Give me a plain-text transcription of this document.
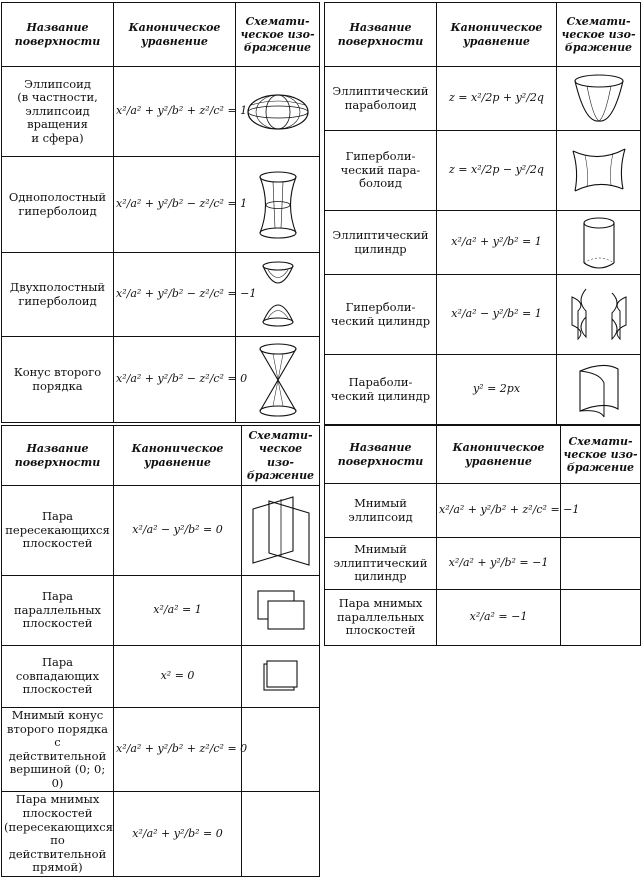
Название
поверхности	Каноническое
уравнение	Схемати-
ческое изо-
бражение
Эллипсоид
(в частности,
эллипсоид
вращения
и сфера)	x²/a² + y²/b² + z²/c² = 1	

Однополостный
гиперболоид	x²/a² + y²/b² − z²/c² = 1	

Двухполостный
гиперболоид	x²/a² + y²/b² − z²/c² = −1	

Конус второго
порядка	x²/a² + y²/b² − z²/c² = 0	
Название
поверхности	Каноническое
уравнение	Схемати-
ческое изо-
бражение
Эллиптический
параболоид	z = x²/2p + y²/2q	

Гиперболи-
ческий пара-
болоид	z = x²/2p − y²/2q	

Эллиптический
цилиндр	x²/a² + y²/b² = 1	

Гиперболи-
ческий цилиндр	x²/a² − y²/b² = 1	

Параболи-
ческий цилиндр	y² = 2px	
Название
поверхности	Каноническое
уравнение	Схемати-
ческое изо-
бражение
Пара
пересекающихся
плоскостей	x²/a² − y²/b² = 0	

Пара
параллельных
плоскостей	x²/a² = 1	

Пара
совпадающих
плоскостей	x² = 0	

Мнимый конус
второго порядка
с действительной
вершиной (0; 0; 0)	x²/a² + y²/b² + z²/c² = 0	
Пара мнимых
плоскостей
(пересекающихся
по действительной
прямой)	x²/a² + y²/b² = 0	
Название
поверхности	Каноническое
уравнение	Схемати-
ческое изо-
бражение
Мнимый
эллипсоид	x²/a² + y²/b² + z²/c² = −1	
Мнимый
эллиптический
цилиндр	x²/a² + y²/b² = −1	
Пара мнимых
параллельных
плоскостей	x²/a² = −1	
